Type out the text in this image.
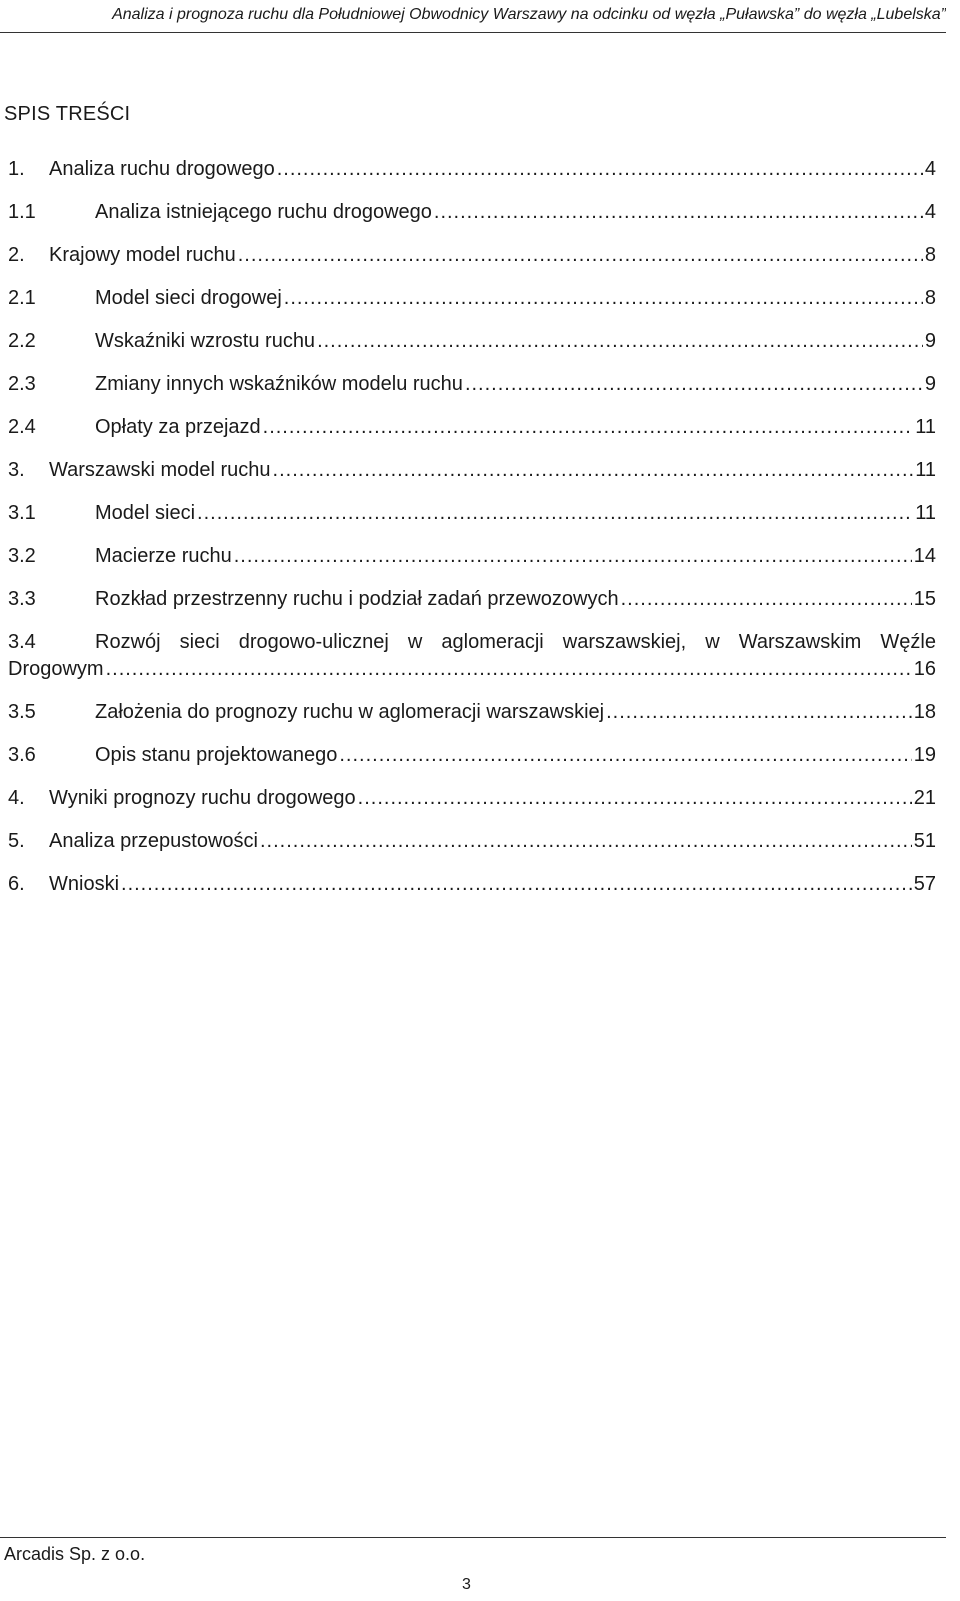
Analiza i prognoza ruchu dla Południowej Obwodnicy Warszawy na odcinku od węzła „Puławska” do węzła „Lubelska”
SPIS TREŚCI
1.	Analiza ruchu drogowego .....	4
1.1	Analiza istniejącego ruchu drogowego .....	4
2.	Krajowy model ruchu .....	8
2.1	Model sieci drogowej .....	8
2.2	Wskaźniki wzrostu ruchu .....	9
2.3	Zmiany innych wskaźników modelu ruchu .....	9
2.4	Opłaty za przejazd .....	11
3.	Warszawski model ruchu .....	11
3.1	Model sieci .....	11
3.2	Macierze ruchu .....	14
3.3	Rozkład przestrzenny ruchu i podział zadań przewozowych .....	15
3.4	Rozwój sieci drogowo-ulicznej w aglomeracji warszawskiej, w Warszawskim Węźle
Drogowym .....	16
3.5	Założenia do prognozy ruchu w aglomeracji warszawskiej .....	18
3.6	Opis stanu projektowanego .....	19
4.	Wyniki prognozy ruchu drogowego .....	21
5.	Analiza przepustowości .....	51
6.	Wnioski .....	57
Arcadis Sp. z o.o.
3
